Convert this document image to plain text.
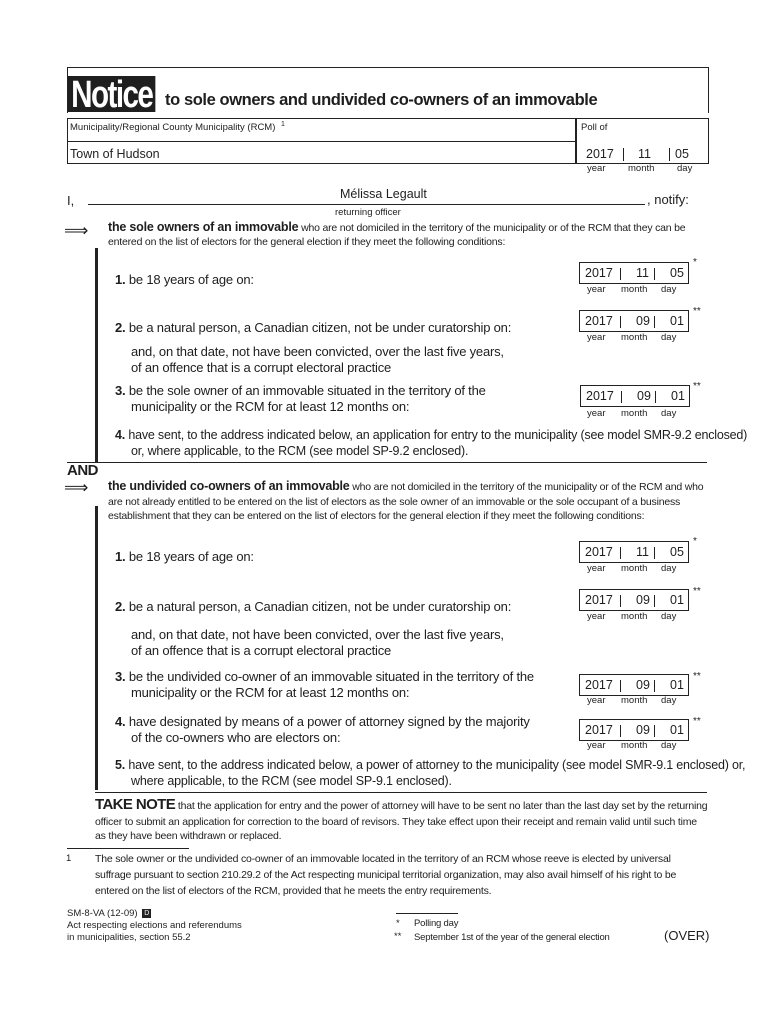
Notice to sole owners and undivided co-owners of an immovable
Municipality/Regional County Municipality (RCM) 1
Town of Hudson
Poll of
2017 11 05
year month day
I,	Mélissa Legault
returning officer
, notify:
⟹ the sole owners of an immovable who are not domiciled in the territory of the municipality or of the RCM that they can be
entered on the list of electors for the general election if they meet the following conditions:
1. be 18 years of age on:	2017 11 05
*
year month day
2. be a natural person, a Canadian citizen, not be under curatorship on:	2017 09 01
**
year month day
and, on that date, not have been convicted, over the last five years,
of an offence that is a corrupt electoral practice
3. be the sole owner of an immovable situated in the territory of the
municipality or the RCM for at least 12 months on:
2017 09 01
**
year month day
4. have sent, to the address indicated below, an application for entry to the municipality (see model SMR-9.2 enclosed)
or, where applicable, to the RCM (see model SP-9.2 enclosed).
AND
⟹ the undivided co-owners of an immovable who are not domiciled in the territory of the municipality or of the RCM and who
are not already entitled to be entered on the list of electors as the sole owner of an immovable or the sole occupant of a business
establishment that they can be entered on the list of electors for the general election if they meet the following conditions:
1. be 18 years of age on:	2017 11 05
*
year month day
2. be a natural person, a Canadian citizen, not be under curatorship on:	2017 09 01
**
year month day
and, on that date, not have been convicted, over the last five years,
of an offence that is a corrupt electoral practice
3. be the undivided co-owner of an immovable situated in the territory of the
municipality or the RCM for at least 12 months on:	2017 09 01
**
year month day
4. have designated by means of a power of attorney signed by the majority
of the co-owners who are electors on:	2017 09 01
**
year month day
5. have sent, to the address indicated below, a power of attorney to the municipality (see model SMR-9.1 enclosed) or,
where applicable, to the RCM (see model SP-9.1 enclosed).
TAKE NOTE that the application for entry and the power of attorney will have to be sent no later than the last day set by the returning
officer to submit an application for correction to the board of revisors. They take effect upon their receipt and remain valid until such time
as they have been withdrawn or replaced.
1 The sole owner or the undivided co-owner of an immovable located in the territory of an RCM whose reeve is elected by universal
suffrage pursuant to section 210.29.2 of the Act respecting municipal territorial organization, may also avail himself of his right to be
entered on the list of electors of the RCM, provided that he meets the entry requirements.
SM-8-VA (12-09) D
Act respecting elections and referendums
in municipalities, section 55.2
* Polling day
** September 1st of the year of the general election	(OVER)
